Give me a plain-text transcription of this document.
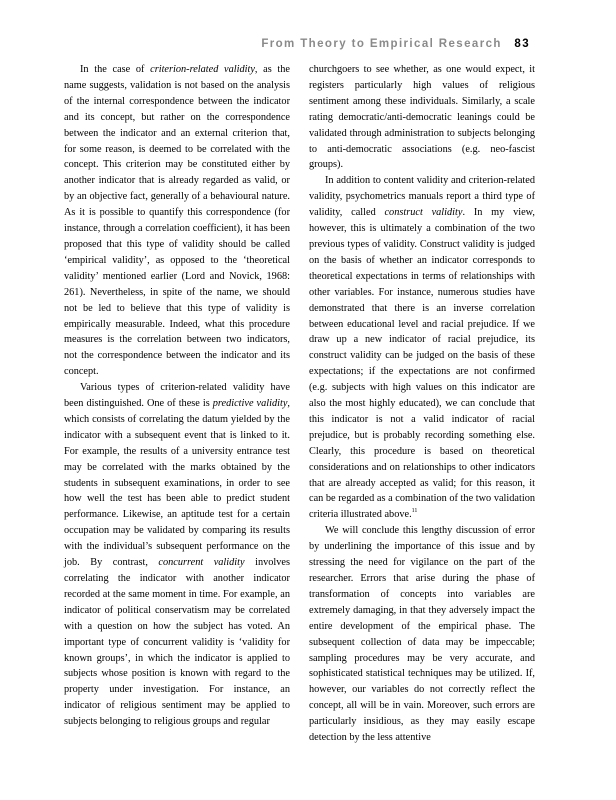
From Theory to Empirical Research 83

In the case of criterion-related validity, as the name suggests, validation is not based on the analysis of the internal correspondence between the indicator and its concept, but rather on the correspondence between the indicator and an external criterion that, for some reason, is deemed to be correlated with the concept. This criterion may be constituted either by another indicator that is already regarded as valid, or by an objective fact, generally of a behavioural nature. As it is possible to quantify this correspondence (for instance, through a correlation coefficient), it has been proposed that this type of validity should be called ‘empirical validity’, as opposed to the ‘theoretical validity’ mentioned earlier (Lord and Novick, 1968: 261). Nevertheless, in spite of the name, we should not be led to believe that this type of validity is empirically measurable. Indeed, what this procedure measures is the correlation between two indicators, not the correspondence between the indicator and its concept.

Various types of criterion-related validity have been distinguished. One of these is predictive validity, which consists of correlating the datum yielded by the indicator with a subsequent event that is linked to it. For example, the results of a university entrance test may be correlated with the marks obtained by the students in subsequent examinations, in order to see how well the test has been able to predict student performance. Likewise, an aptitude test for a certain occupation may be validated by comparing its results with the individual’s subsequent performance on the job. By contrast, concurrent validity involves correlating the indicator with another indicator recorded at the same moment in time. For example, an indicator of political conservatism may be correlated with a question on how the subject has voted. An important type of concurrent validity is ‘validity for known groups’, in which the indicator is applied to subjects whose position is known with regard to the property under investigation. For instance, an indicator of religious sentiment may be applied to subjects belonging to religious groups and regular

churchgoers to see whether, as one would expect, it registers particularly high values of religious sentiment among these individuals. Similarly, a scale rating democratic/anti-democratic leanings could be validated through administration to subjects belonging to anti-democratic associations (e.g. neo-fascist groups).

In addition to content validity and criterion-related validity, psychometrics manuals report a third type of validity, called construct validity. In my view, however, this is ultimately a combination of the two previous types of validity. Construct validity is judged on the basis of whether an indicator corresponds to theoretical expectations in terms of relationships with other variables. For instance, numerous studies have demonstrated that there is an inverse correlation between educational level and racial prejudice. If we draw up a new indicator of racial prejudice, its construct validity can be judged on the basis of these expectations; if the expectations are not confirmed (e.g. subjects with high values on this indicator are also the most highly educated), we can conclude that this indicator is not a valid indicator of racial prejudice, but is probably recording something else. Clearly, this procedure is based on theoretical considerations and on relationships to other indicators that are already accepted as valid; for this reason, it can be regarded as a combination of the two validation criteria illustrated above.$^{11}$

We will conclude this lengthy discussion of error by underlining the importance of this issue and by stressing the need for vigilance on the part of the researcher. Errors that arise during the phase of transformation of concepts into variables are extremely damaging, in that they adversely impact the entire development of the empirical phase. The subsequent collection of data may be impeccable; sampling procedures may be very accurate, and sophisticated statistical techniques may be utilized. If, however, our variables do not correctly reflect the concept, all will be in vain. Moreover, such errors are particularly insidious, as they may easily escape detection by the less attentive
